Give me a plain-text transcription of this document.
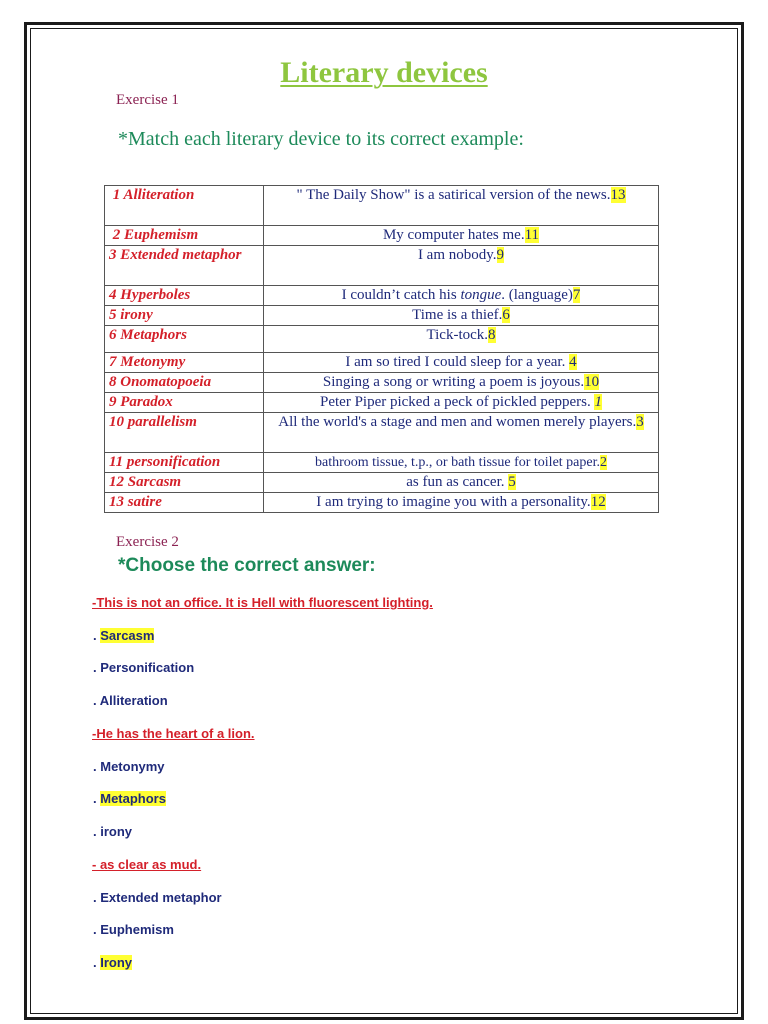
Literary devices
Exercise 1
*Match each literary device to its correct example:
1 Alliteration	" The Daily Show" is a satirical version of the news.13
2 Euphemism	My computer hates me.11
3 Extended metaphor	I am nobody.9
4 Hyperboles	I couldn’t catch his tongue. (language)7
5 irony	Time is a thief.6
6 Metaphors	Tick-tock.8
7 Metonymy	I am so tired I could sleep for a year. 4
8 Onomatopoeia	Singing a song or writing a poem is joyous.10
9 Paradox	Peter Piper picked a peck of pickled peppers. 1
10 parallelism	All the world's a stage and men and women merely players.3
11 personification	bathroom tissue, t.p., or bath tissue for toilet paper.2
12 Sarcasm	as fun as cancer. 5
13 satire	I am trying to imagine you with a personality.12
Exercise 2
*Choose the correct answer:
-This is not an office. It is Hell with fluorescent lighting.
. Sarcasm
. Personification
. Alliteration
-He has the heart of a lion.
. Metonymy
. Metaphors
. irony
- as clear as mud.
. Extended metaphor
. Euphemism
. Irony
